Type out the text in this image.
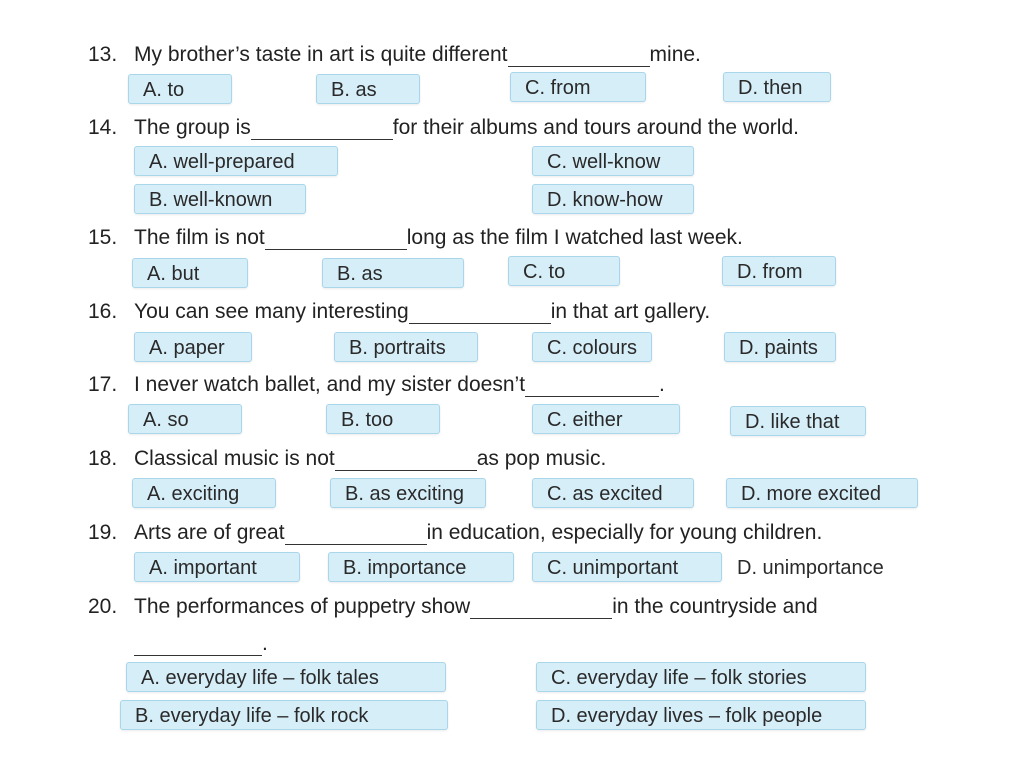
13. My brother’s taste in art is quite different	mine.
A. to	B. as	C. from	D. then
14. The group is	for their albums and tours around the world.
A. well-prepared	C. well-know
B. well-known	D. know-how
15. The film is not	long as the film I watched last week.
A. but	B. as	C. to	D. from
16. You can see many interesting	in that art gallery.
A. paper	B. portraits	C. colours	D. paints
17. I never watch ballet, and my sister doesn’t	.
A. so	B. too	C. either	D. like that
18. Classical music is not	as pop music.
A. exciting	B. as exciting	C. as excited	D. more excited
19. Arts are of great	in education, especially for young children.
A. important	B. importance	C. unimportant	D. unimportance
20. The performances of puppetry show	in the countryside and
.
A. everyday life – folk tales	C. everyday life – folk stories
B. everyday life – folk rock	D. everyday lives – folk people
